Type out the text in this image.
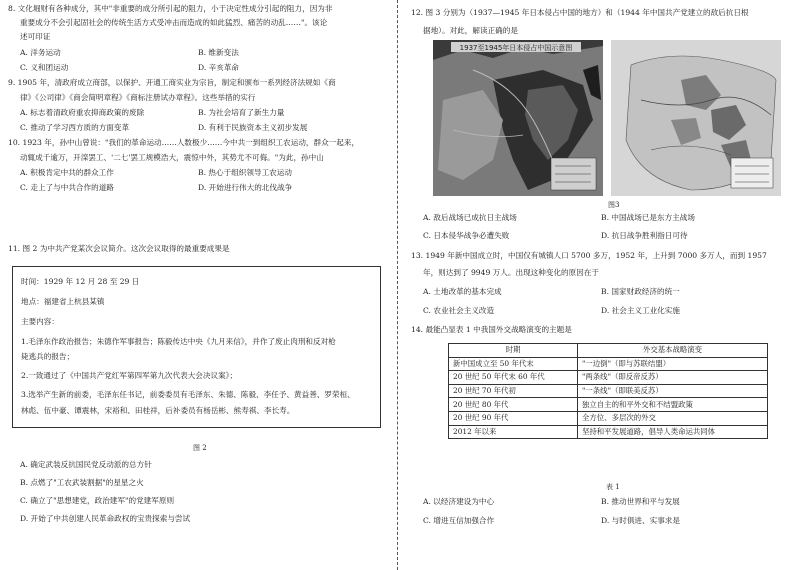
8. 文化堀财有各种成分，其中"非重要的成分所引起的阻力，小于决定性成分引起的阻力，因为非
重要成分不会引起固社会的传统生活方式受冲击而造成的如此猛烈、痛苦的动乱……"。该论
述可印证
A. 洋务运动	B. 维新变法
C. 义和团运动	D. 辛亥革命
9. 1905 年，清政府成立商部，以保护、开通工商实业为宗旨，制定和颁布一系列经济法规如《商
律》《公司律》《商会简明章程》《商标注册试办章程》。这些举措的实行
A. 标志着清政府重农抑商政策的废除	B. 为社会培育了新生力量
C. 推动了学习西方质的方面变革	D. 有利于民族资本主义初步发展
10. 1923 年，孙中山曾说："我们的革命运动……人数极少……今中共一到组织工农运动，群众一起来，
动辄成千逾万，开滦罢工、'二七'罢工规模浩大，震惊中外，其势尤不可侮。"为此，孙中山
A. 积极肯定中共的群众工作	B. 热心于组织领导工农运动
C. 走上了与中共合作的道路	D. 开始进行伟大的北伐战争
11. 图 2 为中共产党某次会议简介。这次会议取得的最重要成果是
时间：1929 年 12 月 28 至 29 日
地点：福建省上杭县某镇
主要内容：
1.毛泽东作政治报告；朱德作军事报告；陈毅传达中央《九月来信》，并作了废止肉刑和反对枪
毙逃兵的报告；
2.一致通过了《中国共产党红军第四军第九次代表大会决议案》；
3.选举产生新的前委，毛泽东任书记，前委委员有毛泽东、朱德、陈毅、李任予、黄益善、罗荣桓、
林彪、伍中豪、谭震林，宋裕和、田桂祥，后补委员有杨岳彬、熊寿祺、李长寿。
图 2
A. 确定武装反抗国民党反动派的总方针
B. 点燃了"工农武装割据"的星星之火
C. 确立了"思想建党，政治建军"的党建军原则
D. 开始了中共创建人民革命政权的宝贵探索与尝试
12. 图 3 分别为（1937—1945 年日本侵占中国的地方）和（1944 年中国共产党建立的敌后抗日根
据地）。对此，解读正确的是
1937至1945年日本侵占中国示意图
图3
A. 敌后战场已成抗日主战场	B. 中国战场已是东方主战场
C. 日本侵华战争必遭失败	D. 抗日战争胜利指日可待
13. 1949 年新中国成立时，中国仅有城镇人口 5700 多万，1952 年，上升到 7000 多万人，而到 1957
年，则达到了 9949 万人。出现这种变化的原因在于
A. 土地改革的基本完成	B. 国家财政经济的统一
C. 农业社会主义改造	D. 社会主义工业化实施
14. 最能凸显表 1 中我国外交战略演变的主题是
时期	外交基本战略演变
新中国成立至 50 年代末	"一边倒"（即与苏联结盟）
20 世纪 50 年代末 60 年代	"两条线"（即反帝反苏）
20 世纪 70 年代初	"一条线"（即联美反苏）
20 世纪 80 年代	独立自主的和平外交和不结盟政策
20 世纪 90 年代	全方位、多层次的外交
2012 年以来	坚持和平发展道路，倡导人类命运共同体
表 1
A. 以经济建设为中心	B. 推动世界和平与发展
C. 增进互信加强合作	D. 与时俱进、实事求是
